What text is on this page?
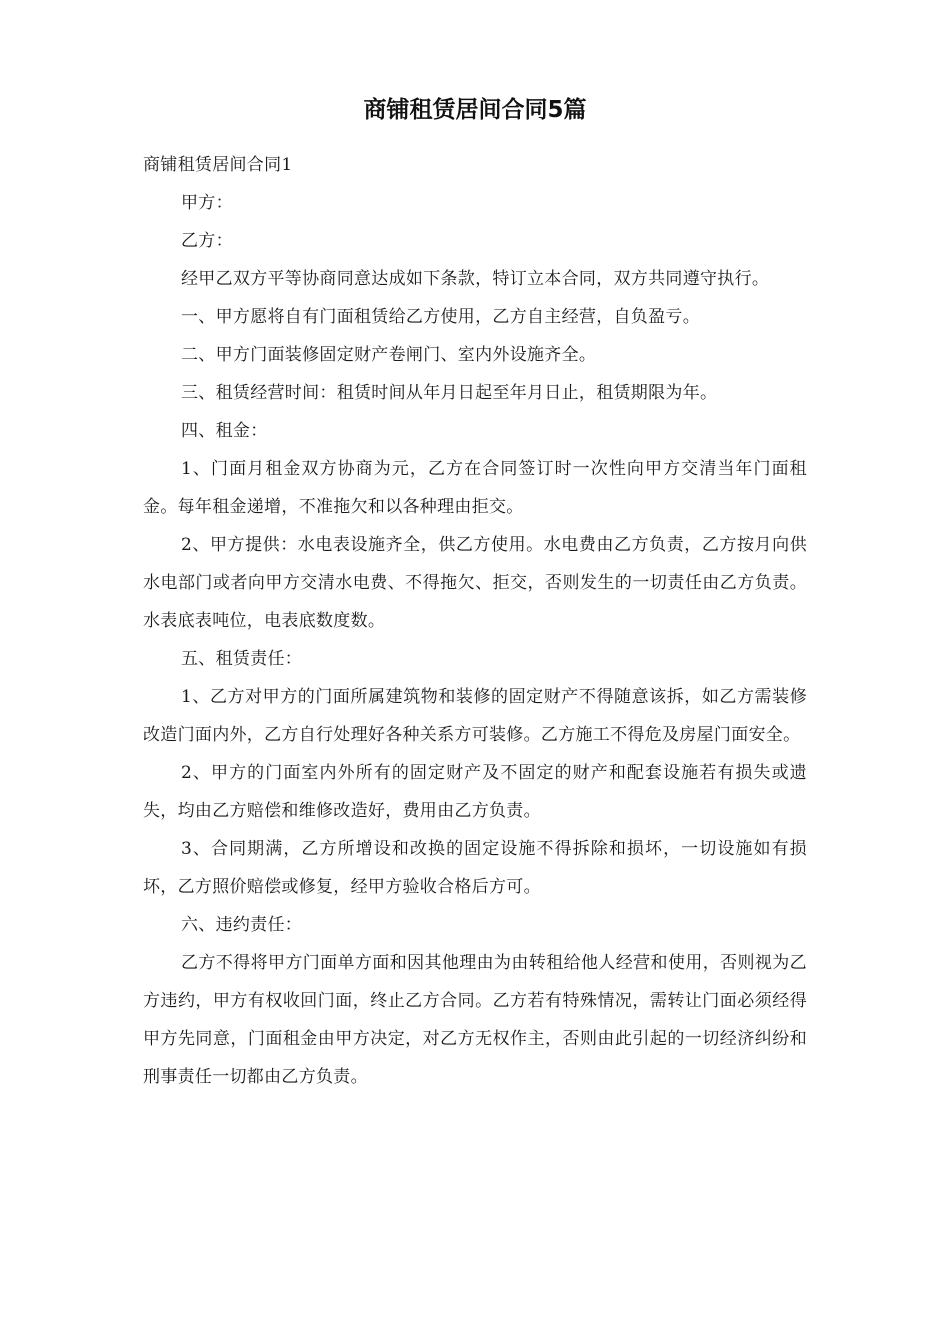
商铺租赁居间合同5篇

商铺租赁居间合同1

甲方：

乙方：

经甲乙双方平等协商同意达成如下条款，特订立本合同，双方共同遵守执行。

一、甲方愿将自有门面租赁给乙方使用，乙方自主经营，自负盈亏。

二、甲方门面装修固定财产卷闸门、室内外设施齐全。

三、租赁经营时间：租赁时间从年月日起至年月日止，租赁期限为年。

四、租金：

1、门面月租金双方协商为元，乙方在合同签订时一次性向甲方交清当年门面租金。每年租金递增，不准拖欠和以各种理由拒交。

2、甲方提供：水电表设施齐全，供乙方使用。水电费由乙方负责，乙方按月向供水电部门或者向甲方交清水电费、不得拖欠、拒交，否则发生的一切责任由乙方负责。水表底表吨位，电表底数度数。

五、租赁责任：

1、乙方对甲方的门面所属建筑物和装修的固定财产不得随意该拆，如乙方需装修改造门面内外，乙方自行处理好各种关系方可装修。乙方施工不得危及房屋门面安全。

2、甲方的门面室内外所有的固定财产及不固定的财产和配套设施若有损失或遗失，均由乙方赔偿和维修改造好，费用由乙方负责。

3、合同期满，乙方所增设和改换的固定设施不得拆除和损坏，一切设施如有损坏，乙方照价赔偿或修复，经甲方验收合格后方可。

六、违约责任：

乙方不得将甲方门面单方面和因其他理由为由转租给他人经营和使用，否则视为乙方违约，甲方有权收回门面，终止乙方合同。乙方若有特殊情况，需转让门面必须经得甲方先同意，门面租金由甲方决定，对乙方无权作主，否则由此引起的一切经济纠纷和刑事责任一切都由乙方负责。
